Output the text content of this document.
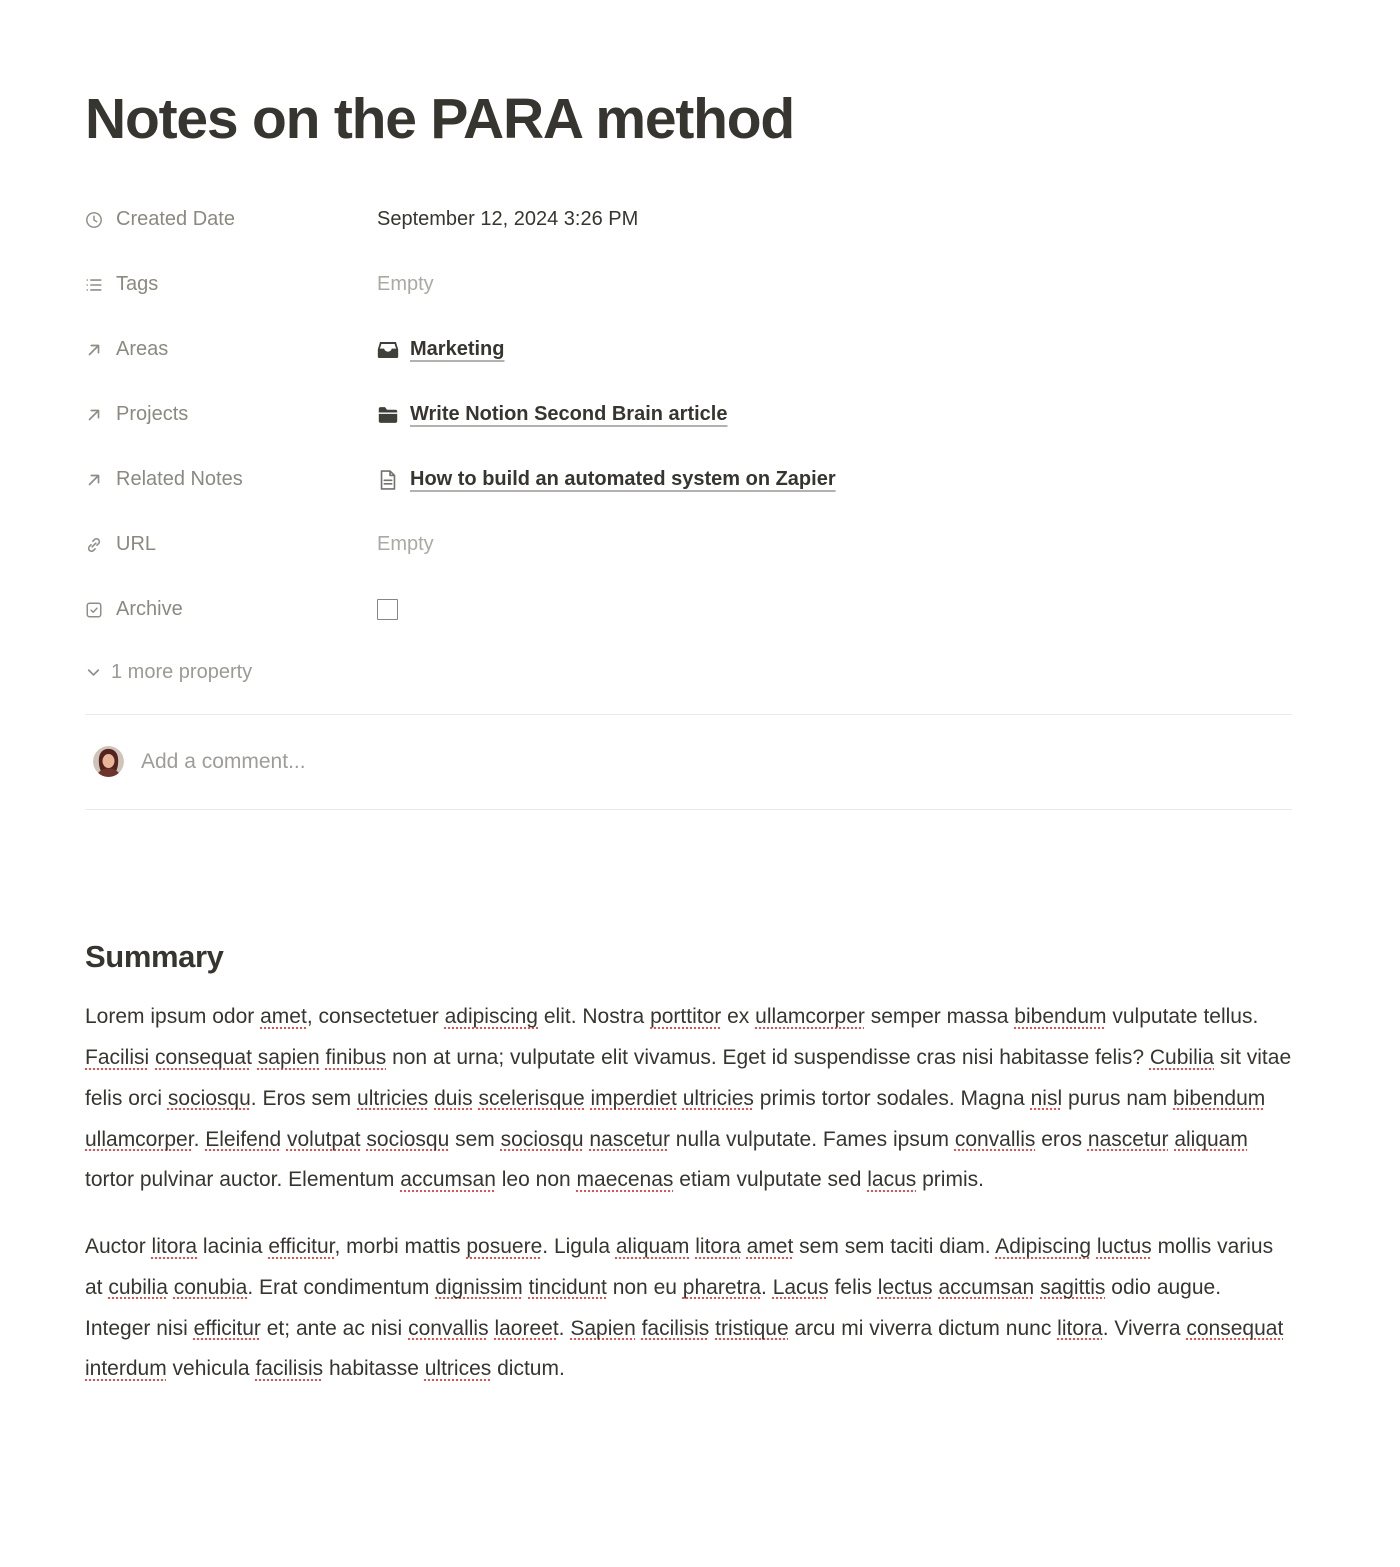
Notes on the PARA method
Created Date	September 12, 2024 3:26 PM
Tags	Empty
Areas	Marketing
Projects	Write Notion Second Brain article
Related Notes	How to build an automated system on Zapier
URL	Empty
Archive
1 more property
Add a comment...
Summary

Lorem ipsum odor amet, consectetuer adipiscing elit. Nostra porttitor ex ullamcorper semper massa bibendum vulputate tellus. Facilisi consequat sapien finibus non at urna; vulputate elit vivamus. Eget id suspendisse cras nisi habitasse felis? Cubilia sit vitae felis orci sociosqu. Eros sem ultricies duis scelerisque imperdiet ultricies primis tortor sodales. Magna nisl purus nam bibendum ullamcorper. Eleifend volutpat sociosqu sem sociosqu nascetur nulla vulputate. Fames ipsum convallis eros nascetur aliquam tortor pulvinar auctor. Elementum accumsan leo non maecenas etiam vulputate sed lacus primis.

Auctor litora lacinia efficitur, morbi mattis posuere. Ligula aliquam litora amet sem sem taciti diam. Adipiscing luctus mollis varius at cubilia conubia. Erat condimentum dignissim tincidunt non eu pharetra. Lacus felis lectus accumsan sagittis odio augue. Integer nisi efficitur et; ante ac nisi convallis laoreet. Sapien facilisis tristique arcu mi viverra dictum nunc litora. Viverra consequat interdum vehicula facilisis habitasse ultrices dictum.
